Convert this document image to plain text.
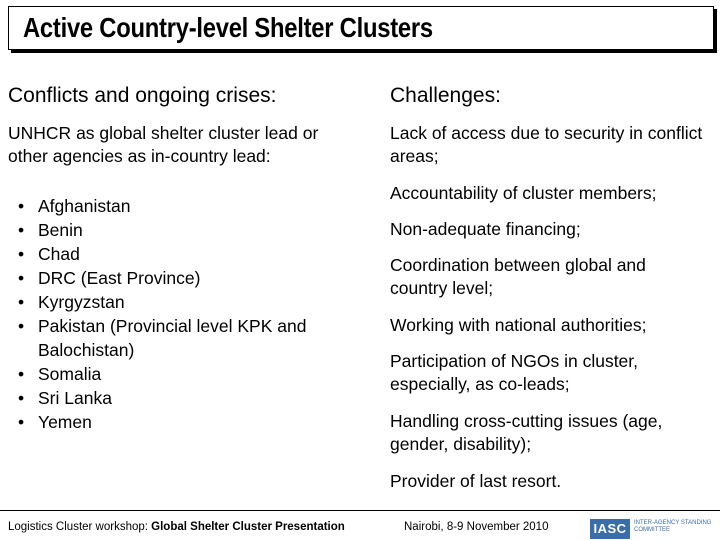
Active Country-level Shelter Clusters
Conflicts and ongoing crises:	Challenges:
UNHCR as global shelter cluster lead or other agencies as in-country lead:
• Afghanistan
• Benin
• Chad
• DRC (East Province)
• Kyrgyzstan
• Pakistan (Provincial level KPK and Balochistan)
• Somalia
• Sri Lanka
• Yemen
Lack of access due to security in conflict areas;
Accountability of cluster members;
Non-adequate financing;
Coordination between global and country level;
Working with national authorities;
Participation of NGOs in cluster, especially, as co-leads;
Handling cross-cutting issues (age, gender, disability);
Provider of last resort.
Logistics Cluster workshop: Global Shelter Cluster Presentation	Nairobi, 8-9 November 2010	IASC	INTER-AGENCY STANDING COMMITTEE
